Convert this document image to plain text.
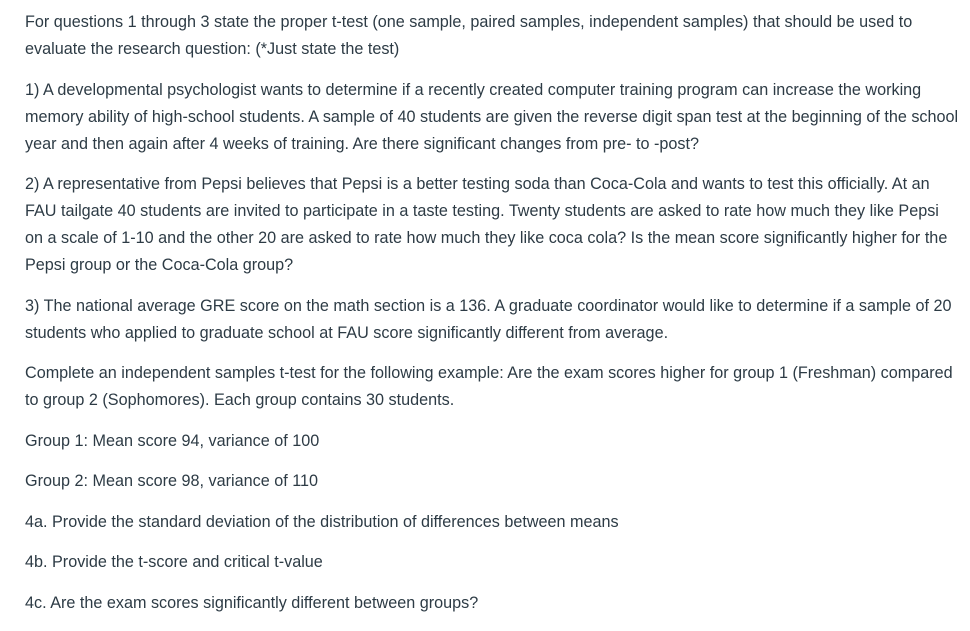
For questions 1 through 3 state the proper t-test (one sample, paired samples, independent samples) that should be used to evaluate the research question: (*Just state the test)

1) A developmental psychologist wants to determine if a recently created computer training program can increase the working memory ability of high-school students. A sample of 40 students are given the reverse digit span test at the beginning of the school year and then again after 4 weeks of training. Are there significant changes from pre- to -post?

2) A representative from Pepsi believes that Pepsi is a better testing soda than Coca-Cola and wants to test this officially. At an FAU tailgate 40 students are invited to participate in a taste testing. Twenty students are asked to rate how much they like Pepsi on a scale of 1-10 and the other 20 are asked to rate how much they like coca cola? Is the mean score significantly higher for the Pepsi group or the Coca-Cola group?

3) The national average GRE score on the math section is a 136. A graduate coordinator would like to determine if a sample of 20 students who applied to graduate school at FAU score significantly different from average.

Complete an independent samples t-test for the following example: Are the exam scores higher for group 1 (Freshman) compared to group 2 (Sophomores). Each group contains 30 students.

Group 1: Mean score 94, variance of 100

Group 2: Mean score 98, variance of 110

4a. Provide the standard deviation of the distribution of differences between means

4b. Provide the t-score and critical t-value

4c. Are the exam scores significantly different between groups?
